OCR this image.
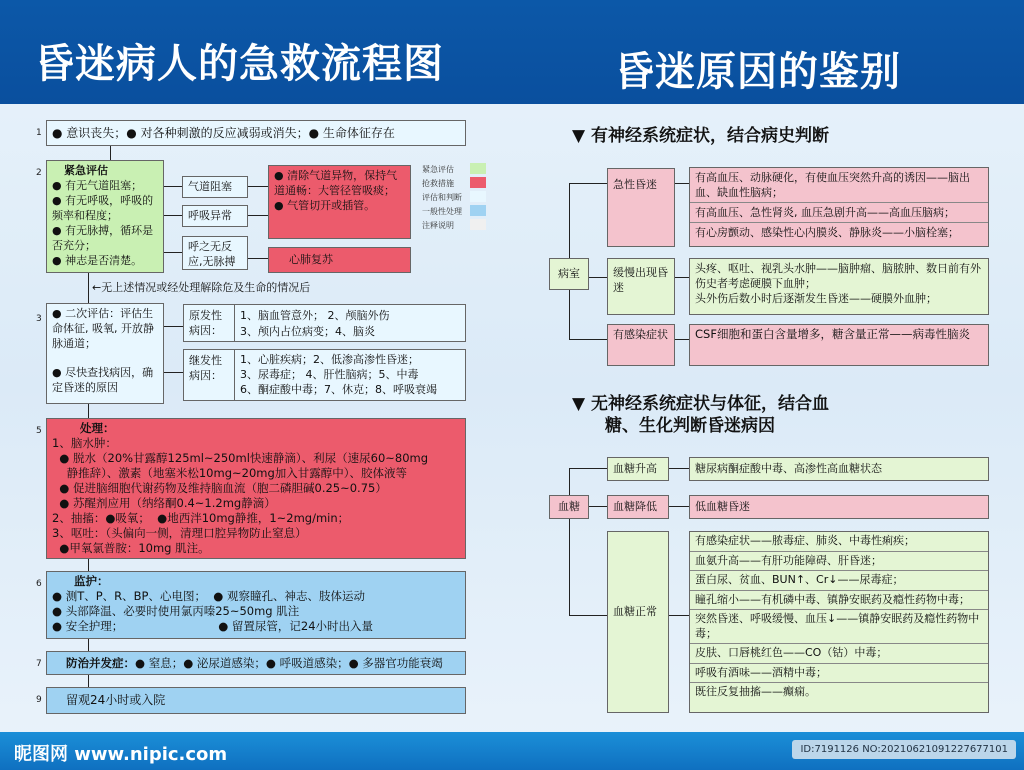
昏迷病人的急救流程图	昏迷原因的鉴别
1 ● 意识丧失；● 对各种刺激的反应减弱或消失；● 生命体征存在
2	紧急评估
● 有无气道阻塞；
● 有无呼吸，呼吸的频率和程度；
● 有无脉搏，循环是否充分；
● 神志是否清楚。
气道阻塞
呼吸异常
呼之无反应,无脉搏
● 清除气道异物，保持气道通畅：大管径管吸痰；
● 气管切开或插管。
心肺复苏
紧急评估
抢救措施
评估和判断
一般性处理
注释说明
←无上述情况或经处理解除危及生命的情况后
3 ● 二次评估：评估生命体征, 吸氧, 开放静脉通道；
● 尽快查找病因，确定昏迷的原因
原发性病因：
1、脑血管意外； 2、颅脑外伤
3、颅内占位病变；4、脑炎
继发性病因：
1、心脏疾病；2、低渗高渗性昏迷；
3、尿毒症； 4、肝性脑病；5、中毒
6、酮症酸中毒；7、休克；8、呼吸衰竭
5	处理：
1、脑水肿：
● 脱水（20%甘露醇125ml~250ml快速静滴）、利尿（速尿60~80mg
静推辞）、激素（地塞米松10mg~20mg加入甘露醇中）、胶体液等
● 促进脑细胞代谢药物及维持脑血流（胞二磷胆碱0.25~0.75）
● 苏醒剂应用（纳络酮0.4~1.2mg静滴）
2、抽搐：●吸氧；  ●地西泮10mg静推，1~2mg/min；
3、呕吐：（头偏向一侧，清理口腔异物防止窒息）
●甲氧氯普胺：10mg 肌注。
6	监护：
● 测T、P、R、BP、心电图；  ● 观察瞳孔、神志、肢体运动
● 头部降温、必要时使用氯丙嗪25~50mg 肌注
● 安全护理；                          ● 留置尿管，记24小时出入量
7	防治并发症：● 窒息；● 泌尿道感染；● 呼吸道感染；● 多器官功能衰竭
9	留观24小时或入院
▼ 有神经系统症状，结合病史判断
病室
急性昏迷
有高血压、动脉硬化，有使血压突然升高的诱因——脑出血、缺血性脑病；
有高血压、急性肾炎, 血压急剧升高——高血压脑病；
有心房颤动、感染性心内膜炎、静脉炎——小脑栓塞；
缓慢出现昏迷
头疼、呕吐、视乳头水肿——脑肿瘤、脑脓肿、数日前有外伤史者考虑硬膜下血肿；
头外伤后数小时后逐渐发生昏迷——硬膜外血肿；
有感染症状 CSF细胞和蛋白含量增多，糖含量正常——病毒性脑炎
▼ 无神经系统症状与体征，结合血
糖、生化判断昏迷病因
血糖
血糖升高	糖尿病酮症酸中毒、高渗性高血糖状态
血糖降低	低血糖昏迷
血糖正常
有感染症状——脓毒症、肺炎、中毒性痢疾；
血氨升高——有肝功能障碍、肝昏迷；
蛋白尿、贫血、BUN↑、Cr↓——尿毒症；
瞳孔缩小——有机磷中毒、镇静安眠药及瘾性药物中毒；
突然昏迷、呼吸缓慢、血压↓——镇静安眠药及瘾性药物中毒；
皮肤、口唇桃红色——CO（钴）中毒；
呼吸有酒味——酒精中毒；
既往反复抽搐——癫痫。
昵图网 www.nipic.com	ID:7191126 NO:20210621091227677101
